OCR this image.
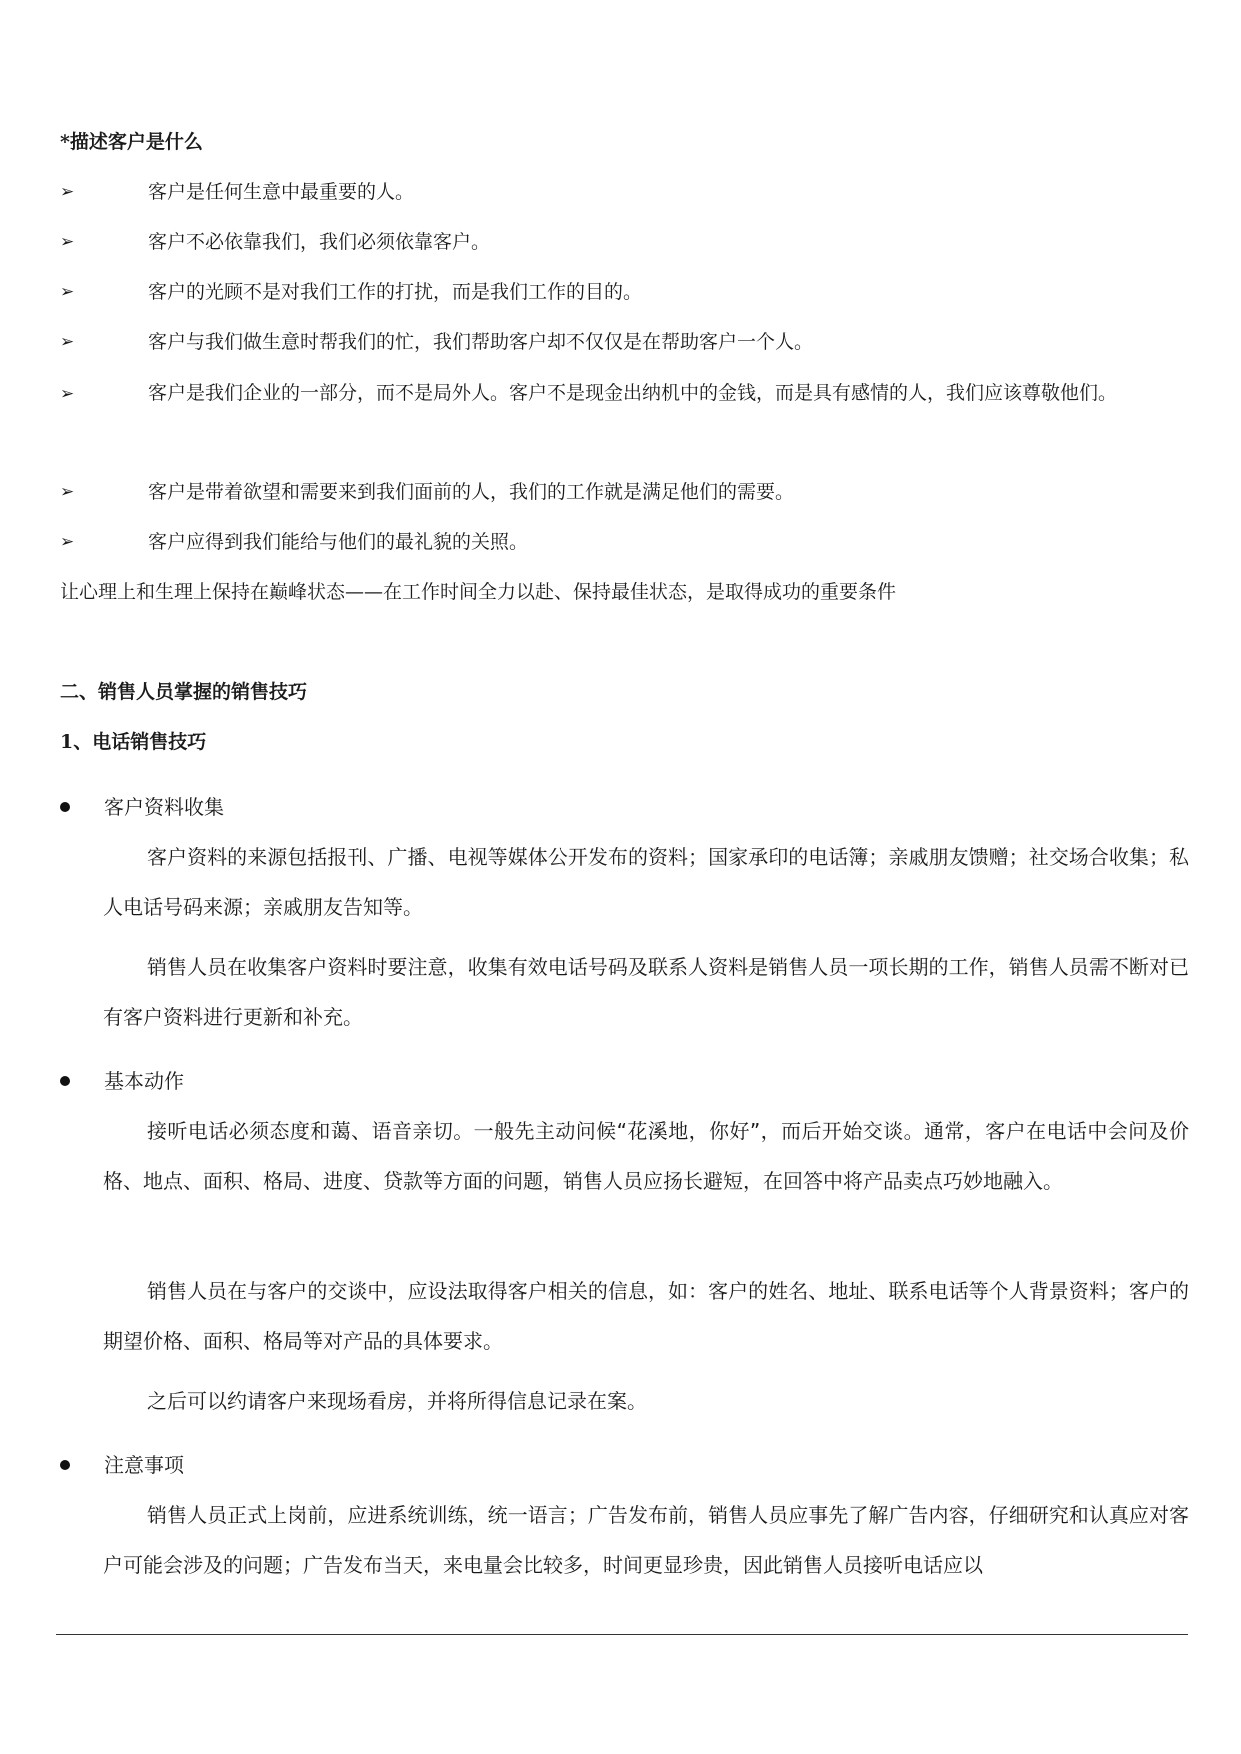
*描述客户是什么
➢	客户是任何生意中最重要的人。
➢	客户不必依靠我们，我们必须依靠客户。
➢	客户的光顾不是对我们工作的打扰，而是我们工作的目的。
➢	客户与我们做生意时帮我们的忙，我们帮助客户却不仅仅是在帮助客户一个人。
➢	客户是我们企业的一部分，而不是局外人。客户不是现金出纳机中的金钱，而是具有感情的人，我们应该尊敬他们。
➢	客户是带着欲望和需要来到我们面前的人，我们的工作就是满足他们的需要。
➢	客户应得到我们能给与他们的最礼貌的关照。
让心理上和生理上保持在巅峰状态——在工作时间全力以赴、保持最佳状态，是取得成功的重要条件
二、销售人员掌握的销售技巧
1、电话销售技巧
客户资料收集
客户资料的来源包括报刊、广播、电视等媒体公开发布的资料；国家承印的电话簿；亲戚朋友馈赠；社交场合收集；私人电话号码来源；亲戚朋友告知等。
销售人员在收集客户资料时要注意，收集有效电话号码及联系人资料是销售人员一项长期的工作，销售人员需不断对已有客户资料进行更新和补充。
基本动作
接听电话必须态度和蔼、语音亲切。一般先主动问候“花溪地，你好”，而后开始交谈。通常，客户在电话中会问及价格、地点、面积、格局、进度、贷款等方面的问题，销售人员应扬长避短，在回答中将产品卖点巧妙地融入。
销售人员在与客户的交谈中，应设法取得客户相关的信息，如：客户的姓名、地址、联系电话等个人背景资料；客户的期望价格、面积、格局等对产品的具体要求。
之后可以约请客户来现场看房，并将所得信息记录在案。
注意事项
销售人员正式上岗前，应进系统训练，统一语言；广告发布前，销售人员应事先了解广告内容，仔细研究和认真应对客户可能会涉及的问题；广告发布当天，来电量会比较多，时间更显珍贵，因此销售人员接听电话应以
